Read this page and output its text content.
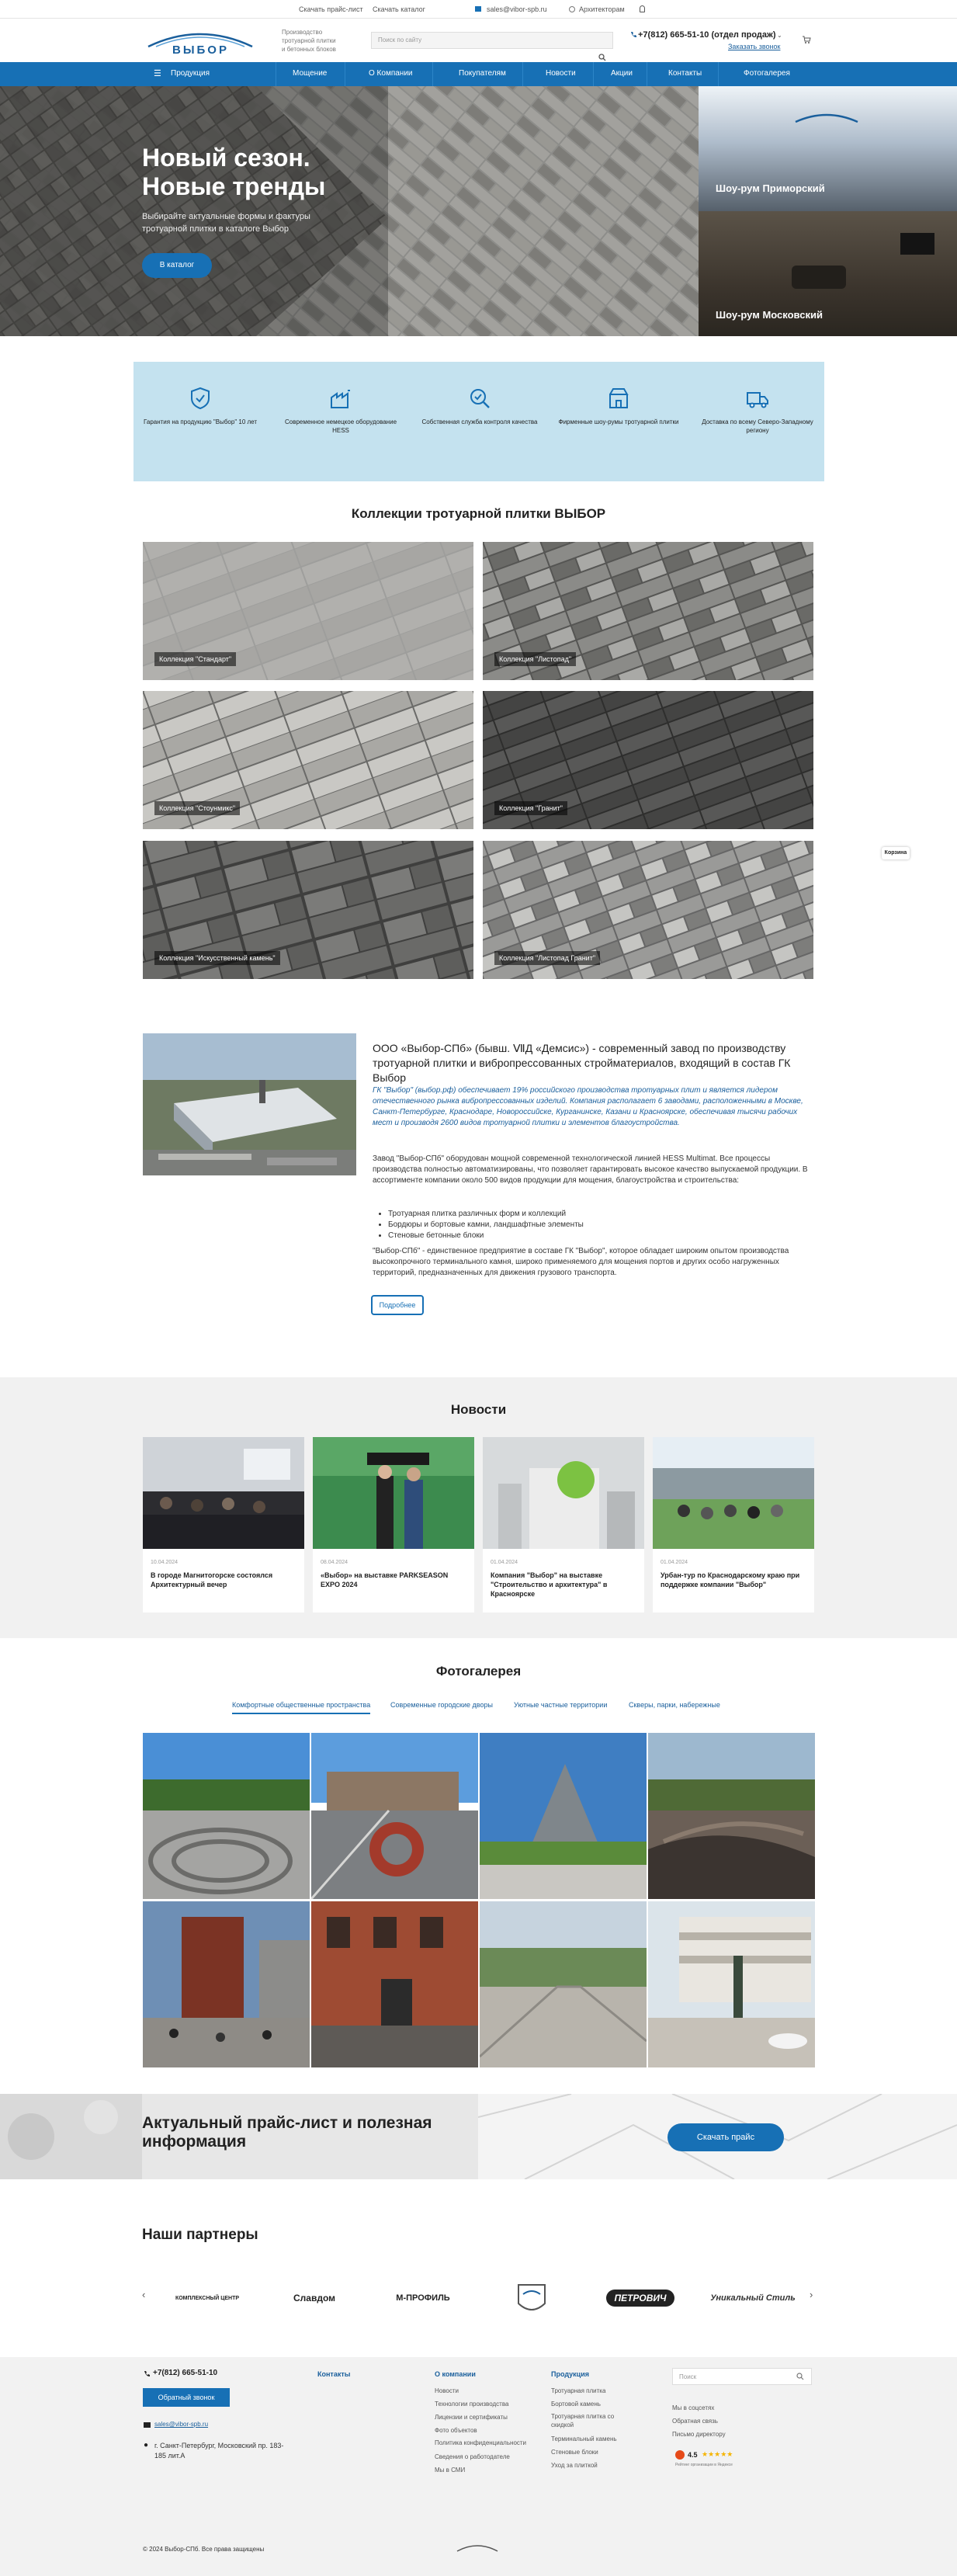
Скачать прайс-лист Скачать каталог	sales@vibor-spb.ru	Архитекторам
ВЫБОР
Производство тротуарной плитки и бетонных блоков
Поиск по сайту
+7(812) 665-51-10 (отдел продаж) ⌄
Заказать звонок
☰ Продукция	Мощение	О Компании	Покупателям	Новости	Акции	Контакты	Фотогалерея
Новый сезон.
Новые тренды

Выбирайте актуальные формы и фактуры тротуарной плитки в каталоге Выбор

В каталог
Шоу-рум Приморский
Шоу-рум Московский
Гарантия на продукцию "Выбор" 10 лет	Современное немецкое оборудование HESS
Собственная служба контроля качества	Фирменные шоу-румы тротуарной плитки	Доставка по всему Северо-Западному региону
Коллекции тротуарной плитки ВЫБОР
Коллекция "Стандарт"	Коллекция "Листопад"
Коллекция "Стоунмикс"	Коллекция "Гранит"
Коллекция "Искусственный камень"	Коллекция "Листопад Гранит"
Корзина
ООО «Выбор-СПб» (бывш. ⅦД «Демсис») - современный завод по производству тротуарной плитки и вибропрессованных стройматериалов, входящий в состав ГК Выбор
ГК "Выбор" (выбор.рф) обеспечивает 19% российского производства тротуарных плит и является лидером отечественного рынка вибропрессованных изделий. Компания располагает 6 заводами, расположенными в Москве, Санкт-Петербурге, Краснодаре, Новороссийске, Курганинске, Казани и Красноярске, обеспечивая тысячи рабочих мест и производя 2600 видов тротуарной плитки и элементов благоустройства.
Завод "Выбор-СПб" оборудован мощной современной технологической линией HESS Multimat. Все процессы производства полностью автоматизированы, что позволяет гарантировать высокое качество выпускаемой продукции. В ассортименте компании около 500 видов продукции для мощения, благоустройства и строительства:
• Тротуарная плитка различных форм и коллекций
• Бордюры и бортовые камни, ландшафтные элементы
• Стеновые бетонные блоки
"Выбор-СПб" - единственное предприятие в составе ГК "Выбор", которое обладает широким опытом производства высокопрочного терминального камня, широко применяемого для мощения портов и других особо нагруженных территорий, предназначенных для движения грузового транспорта.
Подробнее
Новости
10.04.2024
В городе Магнитогорске состоялся Архитектурный вечер
08.04.2024
«Выбор» на выставке PARKSEASON EXPO 2024
01.04.2024
Компания "Выбор" на выставке "Строительство и архитектура" в Красноярске
01.04.2024
Урбан-тур по Краснодарскому краю при поддержке компании "Выбор"
Фотогалерея
Комфортные общественные пространства	Современные городские дворы	Уютные частные территории	Скверы, парки, набережные
Актуальный прайс-лист и полезная информация	Скачать прайс
Наши партнеры
‹	›
КОМПЛЕКСНЫЙ ЦЕНТР	Славдом	М-ПРОФИЛЬ	ПЕТРОВИЧ	Уникальный Стиль
+7(812) 665-51-10
Обратный звонок
sales@vibor-spb.ru
● г. Санкт-Петербург, Московский пр. 183-185 лит.А
Контакты	О компании
Новости
Технологии производства
Лицензии и сертификаты
Фото объектов
Политика конфиденциальности
Сведения о работодателе
Мы в СМИ
Продукция
Тротуарная плитка
Бортовой камень
Тротуарная плитка со скидкой
Терминальный камень
Стеновые блоки
Уход за плиткой
Поиск
Мы в соцсетях
Обратная связь
Письмо директору
4.5 ★★★★★
Рейтинг организации в Яндексе
© 2024 Выбор-СПб. Все права защищены
